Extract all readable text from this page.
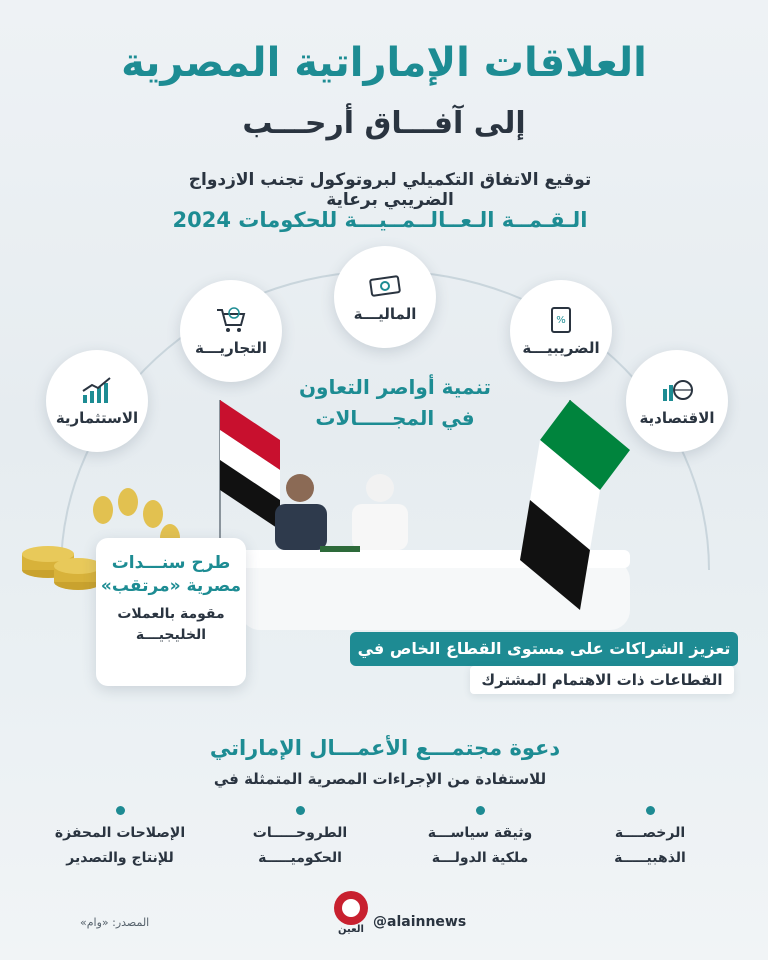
العلاقات الإماراتية المصرية
إلى آفـــاق أرحـــب
توقيع الاتفاق التكميلي لبروتوكول تجنب الازدواج الضريبي برعاية
الـقـمــة الـعــالــمــيـــة للحكومات 2024
الاستثمارية
التجاريـــة
الماليـــة	%
الضريبيـــة
الاقتصادية
تنمية أواصر التعاون
في المجـــــالات
طرح سنـــدات
مصرية «مرتقب»
مقومة بالعملات
الخليجيـــة
تعزيز الشراكات على مستوى القطاع الخاص في
القطاعات ذات الاهتمام المشترك
دعوة مجتمـــع الأعمـــال الإماراتي
للاستفادة من الإجراءات المصرية المتمثلة في
الرخصــــة
الذهبيـــــة
وثيقة سياســـة
ملكية الدولـــة
الطروحـــــات
الحكوميـــــة
الإصلاحات المحفزة
للإنتاج والتصدير
المصدر: «وام»
العين @alainnews
